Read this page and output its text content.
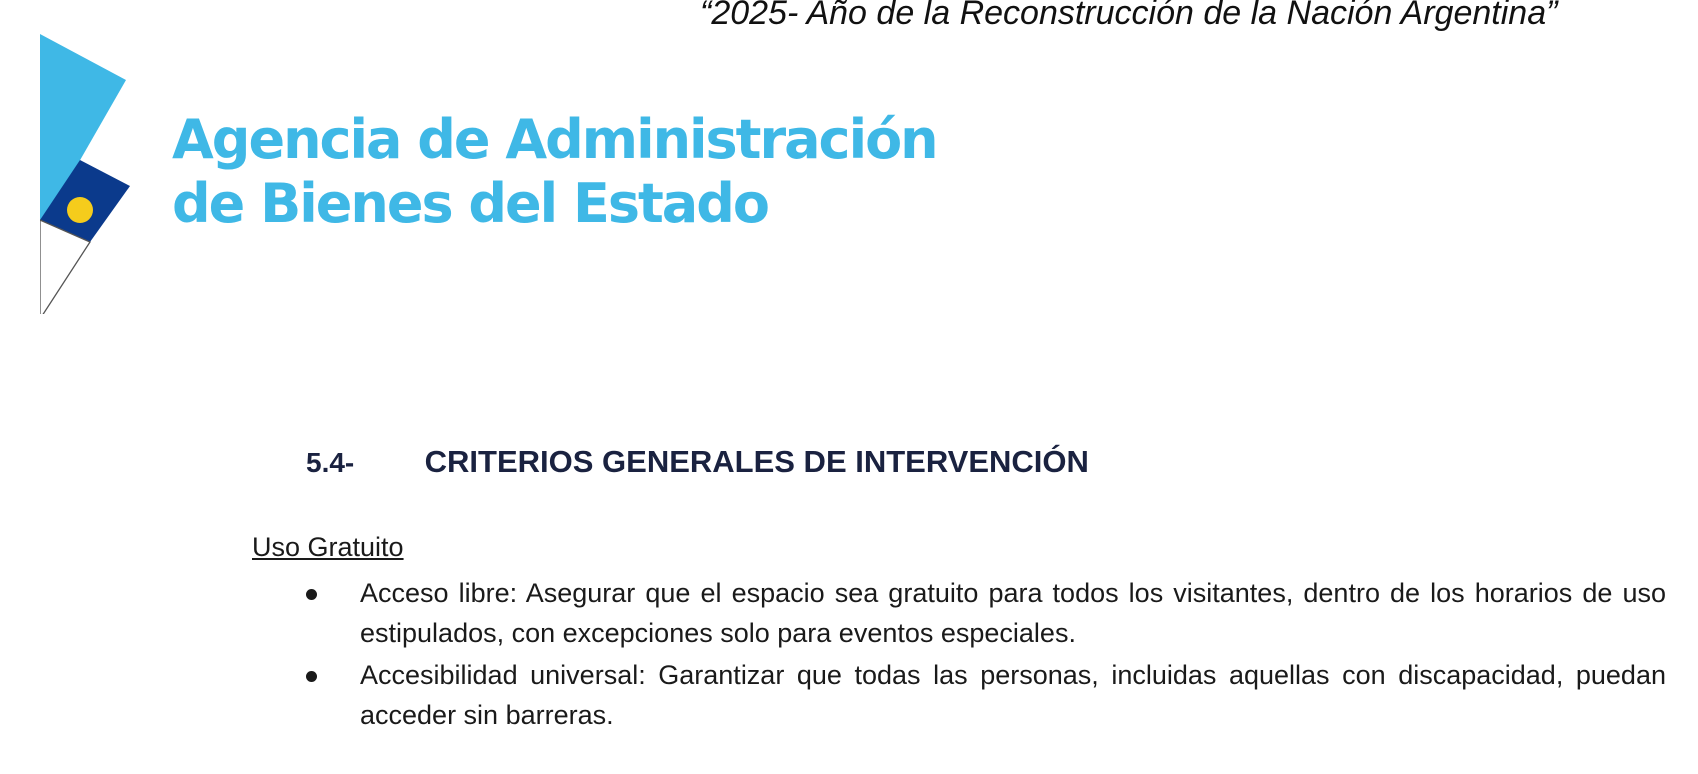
“2025- Año de la Reconstrucción de la Nación Argentina”
Agencia de Administración
de Bienes del Estado
5.4- CRITERIOS GENERALES DE INTERVENCIÓN
Uso Gratuito
Acceso libre: Asegurar que el espacio sea gratuito para todos los visitantes, dentro de los horarios de uso estipulados, con excepciones solo para eventos especiales.
Accesibilidad universal: Garantizar que todas las personas, incluidas aquellas con discapacidad, puedan acceder sin barreras.
